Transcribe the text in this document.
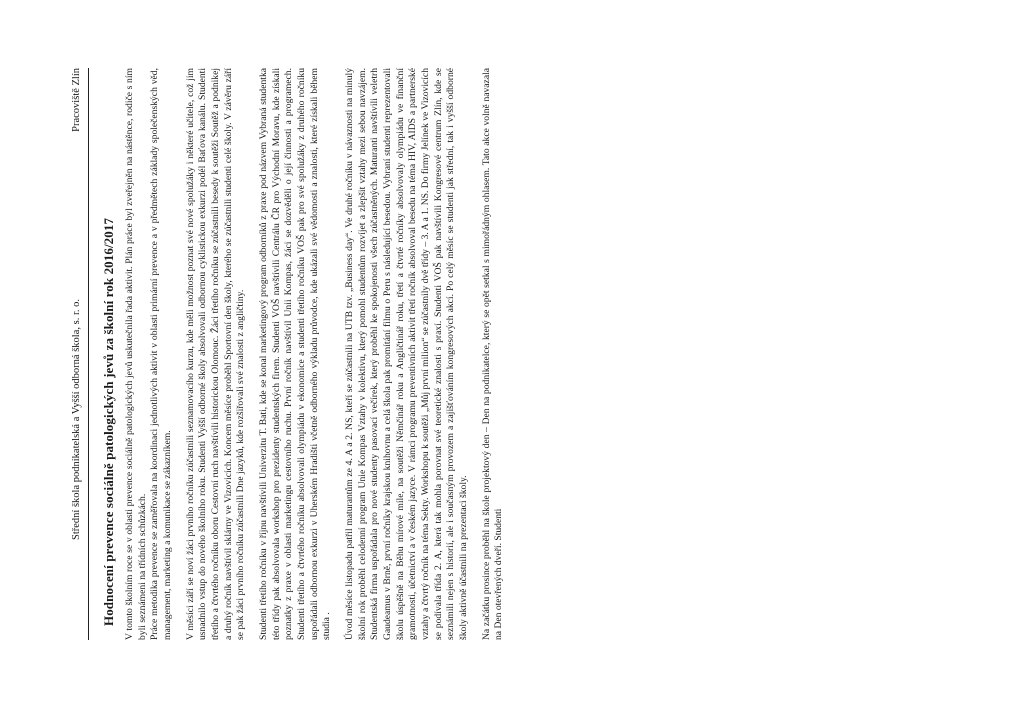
Střední škola podnikatelská a Vyšší odborná škola, s. r. o.
Pracoviště Zlín
Hodnocení prevence sociálně patologických jevů za školní rok 2016/2017

V tomto školním roce se v oblasti prevence sociálně patologických jevů uskutečnila řada aktivit. Plán práce byl zveřejněn na nástěnce, rodiče s ním byli seznámeni na třídních schůzkách.
Práce metodika prevence se zaměřovala na koordinaci jednotlivých aktivit v oblasti primární prevence a v předmětech základy společenských věd, management, marketing a komunikace se zákazníkem. V měsíci září se noví žáci prvního ročníku zúčastnili seznamovacího kurzu, kde měli možnost poznat své nové spolužáky i některé učitele, což jim usnadnilo vstup do nového školního roku. Studenti Vyšší odborné školy absolvovali odbornou cyklistickou exkurzi podél Baťova kanálu. Studenti třetího a čtvrtého ročníku oboru Cestovní ruch navštívili historickou Olomouc. Žáci třetího ročníku se zúčastnili besedy k soutěži Soutěž a podnikej a druhý ročník navštívil sklárny ve Vizovicích. Koncem měsíce proběhl Sportovní den školy, kterého se zúčastnili studenti celé školy. V závěru září se pak žáci prvního ročníku zúčastnili Dne jazyků, kde rozšiřovali své znalosti z angličtiny. Studenti třetího ročníku v říjnu navštívili Univerzitu T. Bati, kde se konal marketingový program odborníků z praxe pod názvem Vybraná studentka této třídy pak absolvovala workshop pro prezidenty studentských firem. Studenti VOŠ navštívili Centrálu ČR pro Východní Moravu, kde získali poznatky z praxe v oblasti marketingu cestovního ruchu. První ročník navštívil Unii Kompas, žáci se dozvěděli o její činnosti a programech. Studenti třetího a čtvrtého ročníku absolvovali olympiádu v ekonomice a studenti třetího ročníku VOŠ pak pro své spolužáky z druhého ročníku uspořádali odbornou exkurzi v Uherském Hradišti včetně odborného výkladu průvodce, kde ukázali své vědomosti a znalosti, které získali během studia . Úvod měsíce listopadu patřil maturantům ze 4. A a 2. NS, kteří se zúčastnili na UTB tzv. „Business day“. Ve druhé ročníku v návaznosti na minulý školní rok proběhl celodenní program Unie Kompas Vztahy v kolektivu, který pomohl studentům rozvíjet a zlepšit vztahy mezi sebou navzájem. Studentská firma uspořádala pro nové studenty pasovací večírek, který proběhl ke spokojenosti všech zúčastněných. Maturanti navštívili veletrh Gaudeamus v Brně, první ročníky krajskou knihovnu a celá škola pak promítání filmu o Peru s následující besedou. Vybraní studenti reprezentovali školu úspěšně na Běhu mírové míle, na soutěži Němčinář roku a Angličtinář roku, třetí a čtvrté ročníky absolvovaly olympiádu ve finanční gramotnosti, účetnictví a v českém jazyce. V rámci programu preventivních aktivit třetí ročník absolvoval besedu na téma HIV, AIDS a partnerské vztahy a čtvrtý ročník na téma Sekty. Workshopu k soutěži „Můj první milion“ se zúčastnily dvě třídy – 3. A a 1. NS. Do firmy Jelínek ve Vizovicích se podívala třída 2. A, která tak mohla porovnat své teoretické znalosti s praxí. Studenti VOŠ pak navštívili Kongresové centrum Zlín, kde se seznámili nejen s historií, ale i současným provozem a zajišťováním kongresových akcí. Po celý měsíc se studenti jak střední, tak i vyšší odborné školy aktivně účastnili na prezentaci školy. Na začátku prosince proběhl na škole projektový den – Den na podnikatelce, který se opět setkal s mimořádným ohlasem. Tato akce volně navazala na Den otevřených dveří. Studenti
